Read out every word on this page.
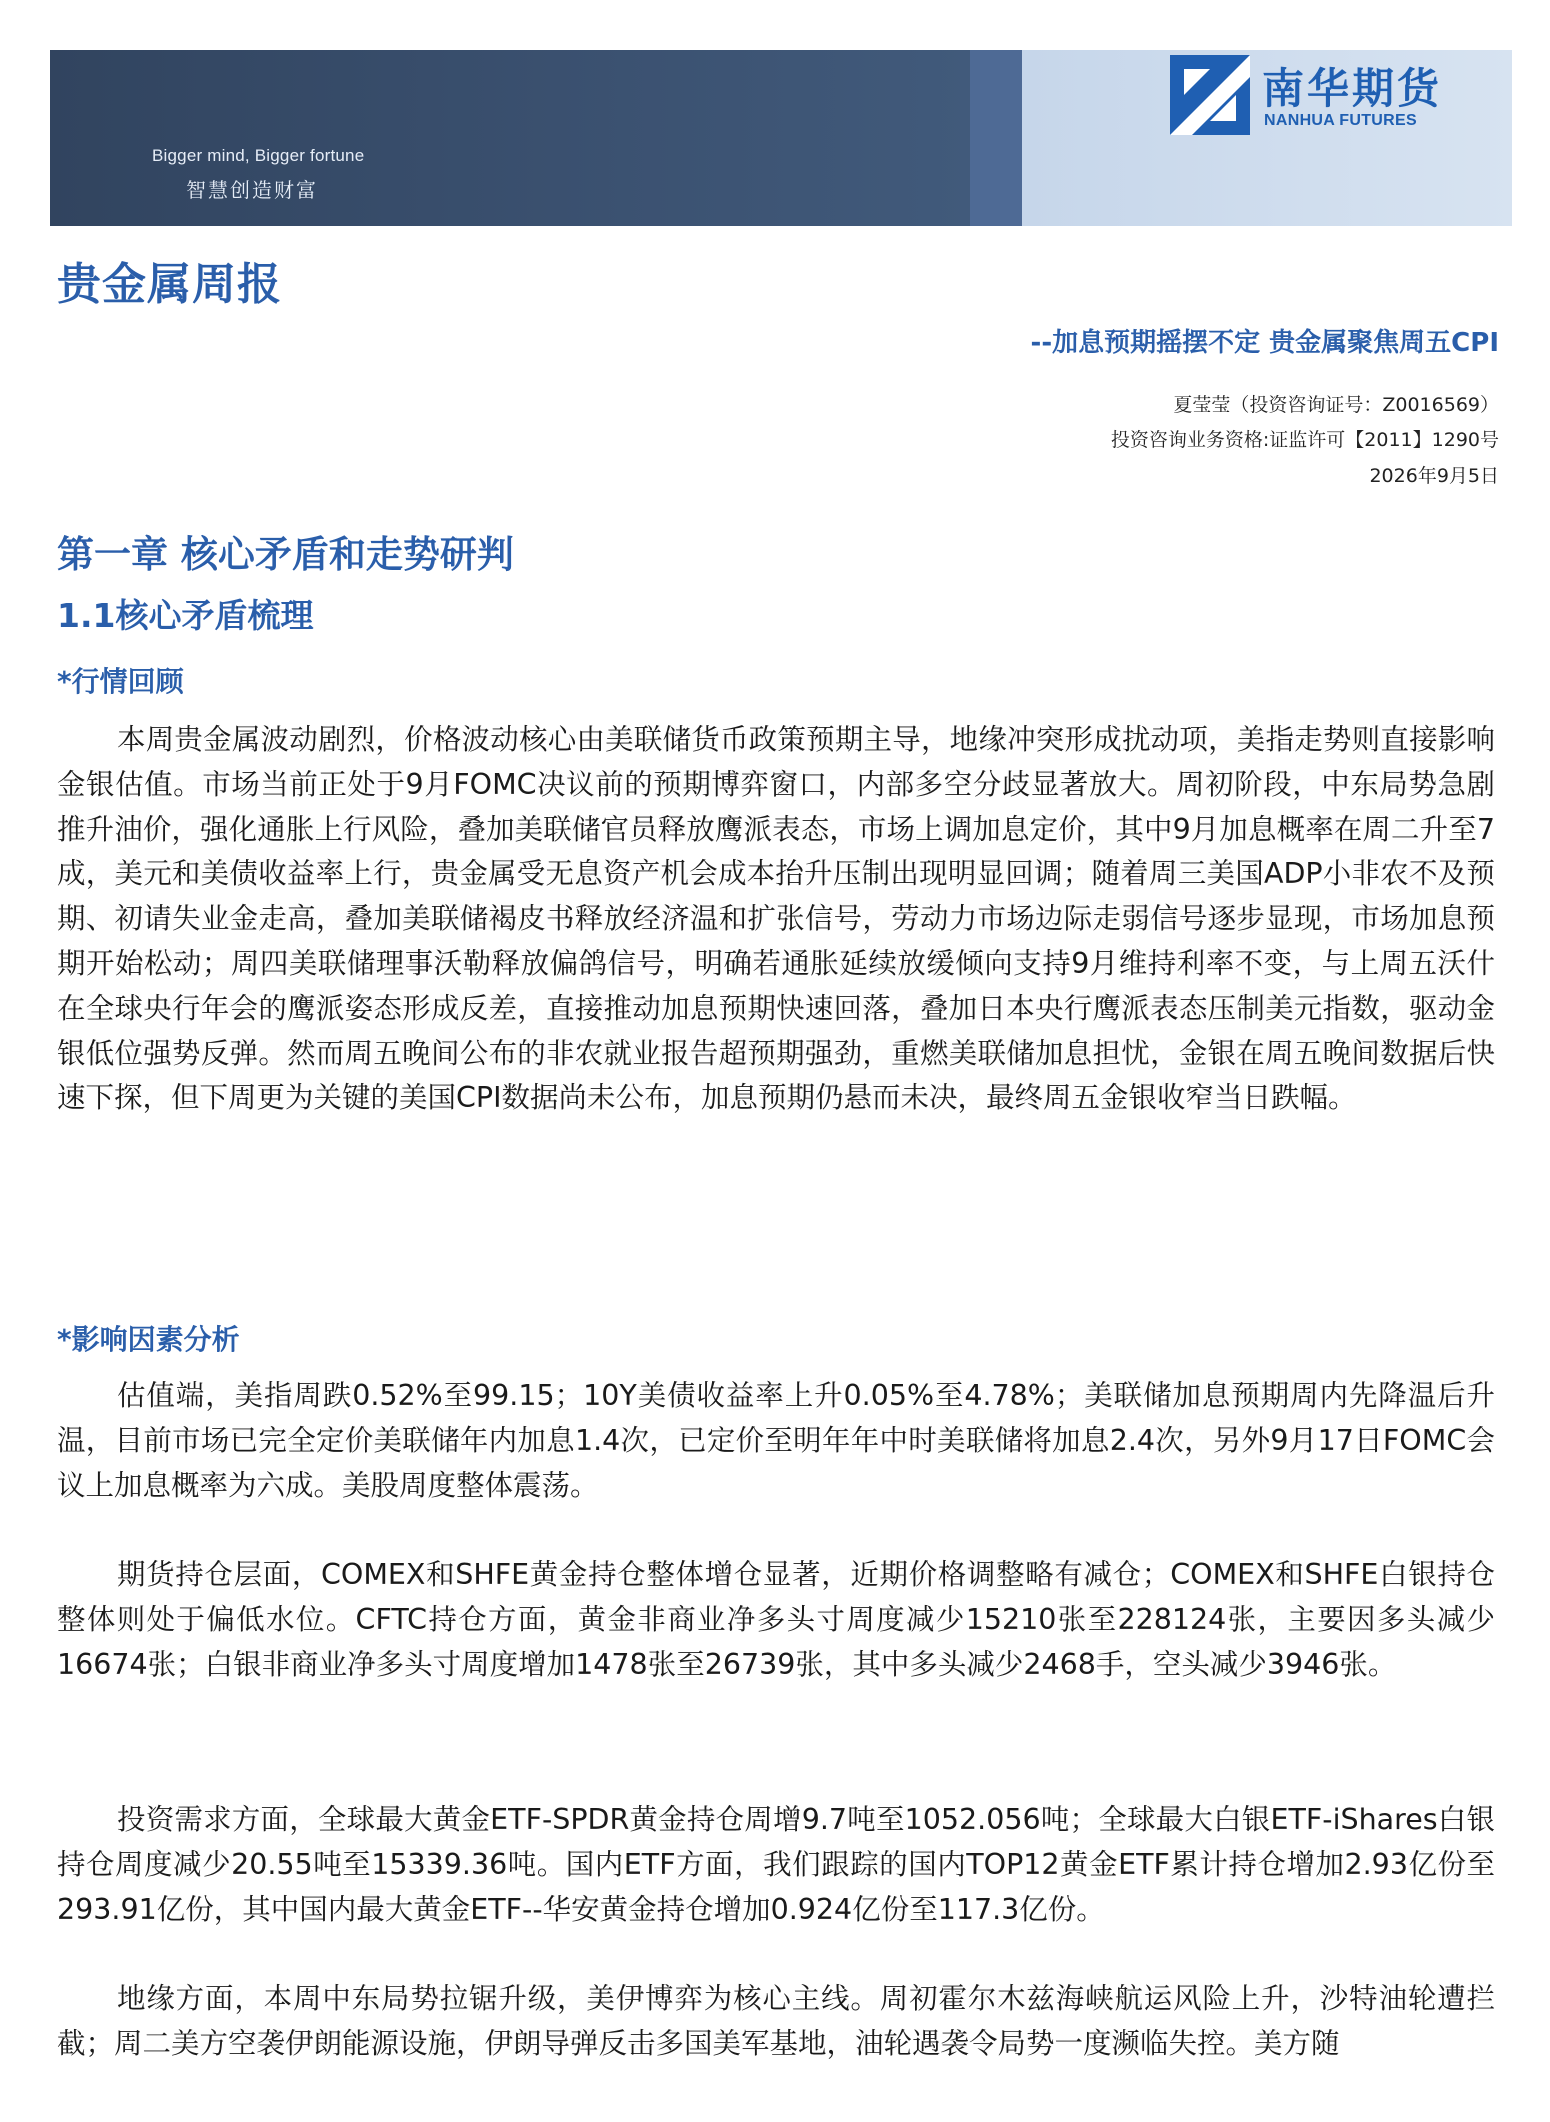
Bigger mind, Bigger fortune
智慧创造财富
南华期货
NANHUA FUTURES
贵金属周报
--加息预期摇摆不定 贵金属聚焦周五CPI
夏莹莹（投资咨询证号：Z0016569）
投资咨询业务资格:证监许可【2011】1290号
2026年9月5日
第一章 核心矛盾和走势研判
1.1核心矛盾梳理
*行情回顾

本周贵金属波动剧烈，价格波动核心由美联储货币政策预期主导，地缘冲突形成扰动项，美指走势则直接影响金银估值。市场当前正处于9月FOMC决议前的预期博弈窗口，内部多空分歧显著放大。周初阶段，中东局势急剧推升油价，强化通胀上行风险，叠加美联储官员释放鹰派表态，市场上调加息定价，其中9月加息概率在周二升至7成，美元和美债收益率上行，贵金属受无息资产机会成本抬升压制出现明显回调；随着周三美国ADP小非农不及预期、初请失业金走高，叠加美联储褐皮书释放经济温和扩张信号，劳动力市场边际走弱信号逐步显现，市场加息预期开始松动；周四美联储理事沃勒释放偏鸽信号，明确若通胀延续放缓倾向支持9月维持利率不变，与上周五沃什在全球央行年会的鹰派姿态形成反差，直接推动加息预期快速回落，叠加日本央行鹰派表态压制美元指数，驱动金银低位强势反弹。然而周五晚间公布的非农就业报告超预期强劲，重燃美联储加息担忧，金银在周五晚间数据后快速下探，但下周更为关键的美国CPI数据尚未公布，加息预期仍悬而未决，最终周五金银收窄当日跌幅。

*影响因素分析

估值端，美指周跌0.52%至99.15；10Y美债收益率上升0.05%至4.78%；美联储加息预期周内先降温后升温，目前市场已完全定价美联储年内加息1.4次，已定价至明年年中时美联储将加息2.4次，另外9月17日FOMC会议上加息概率为六成。美股周度整体震荡。

期货持仓层面，COMEX和SHFE黄金持仓整体增仓显著，近期价格调整略有减仓；COMEX和SHFE白银持仓整体则处于偏低水位。CFTC持仓方面，黄金非商业净多头寸周度减少15210张至228124张，主要因多头减少16674张；白银非商业净多头寸周度增加1478张至26739张，其中多头减少2468手，空头减少3946张。

投资需求方面，全球最大黄金ETF-SPDR黄金持仓周增9.7吨至1052.056吨；全球最大白银ETF-iShares白银持仓周度减少20.55吨至15339.36吨。国内ETF方面，我们跟踪的国内TOP12黄金ETF累计持仓增加2.93亿份至293.91亿份，其中国内最大黄金ETF--华安黄金持仓增加0.924亿份至117.3亿份。

地缘方面，本周中东局势拉锯升级，美伊博弈为核心主线。周初霍尔木兹海峡航运风险上升，沙特油轮遭拦截；周二美方空袭伊朗能源设施，伊朗导弹反击多国美军基地，油轮遇袭令局势一度濒临失控。美方随
